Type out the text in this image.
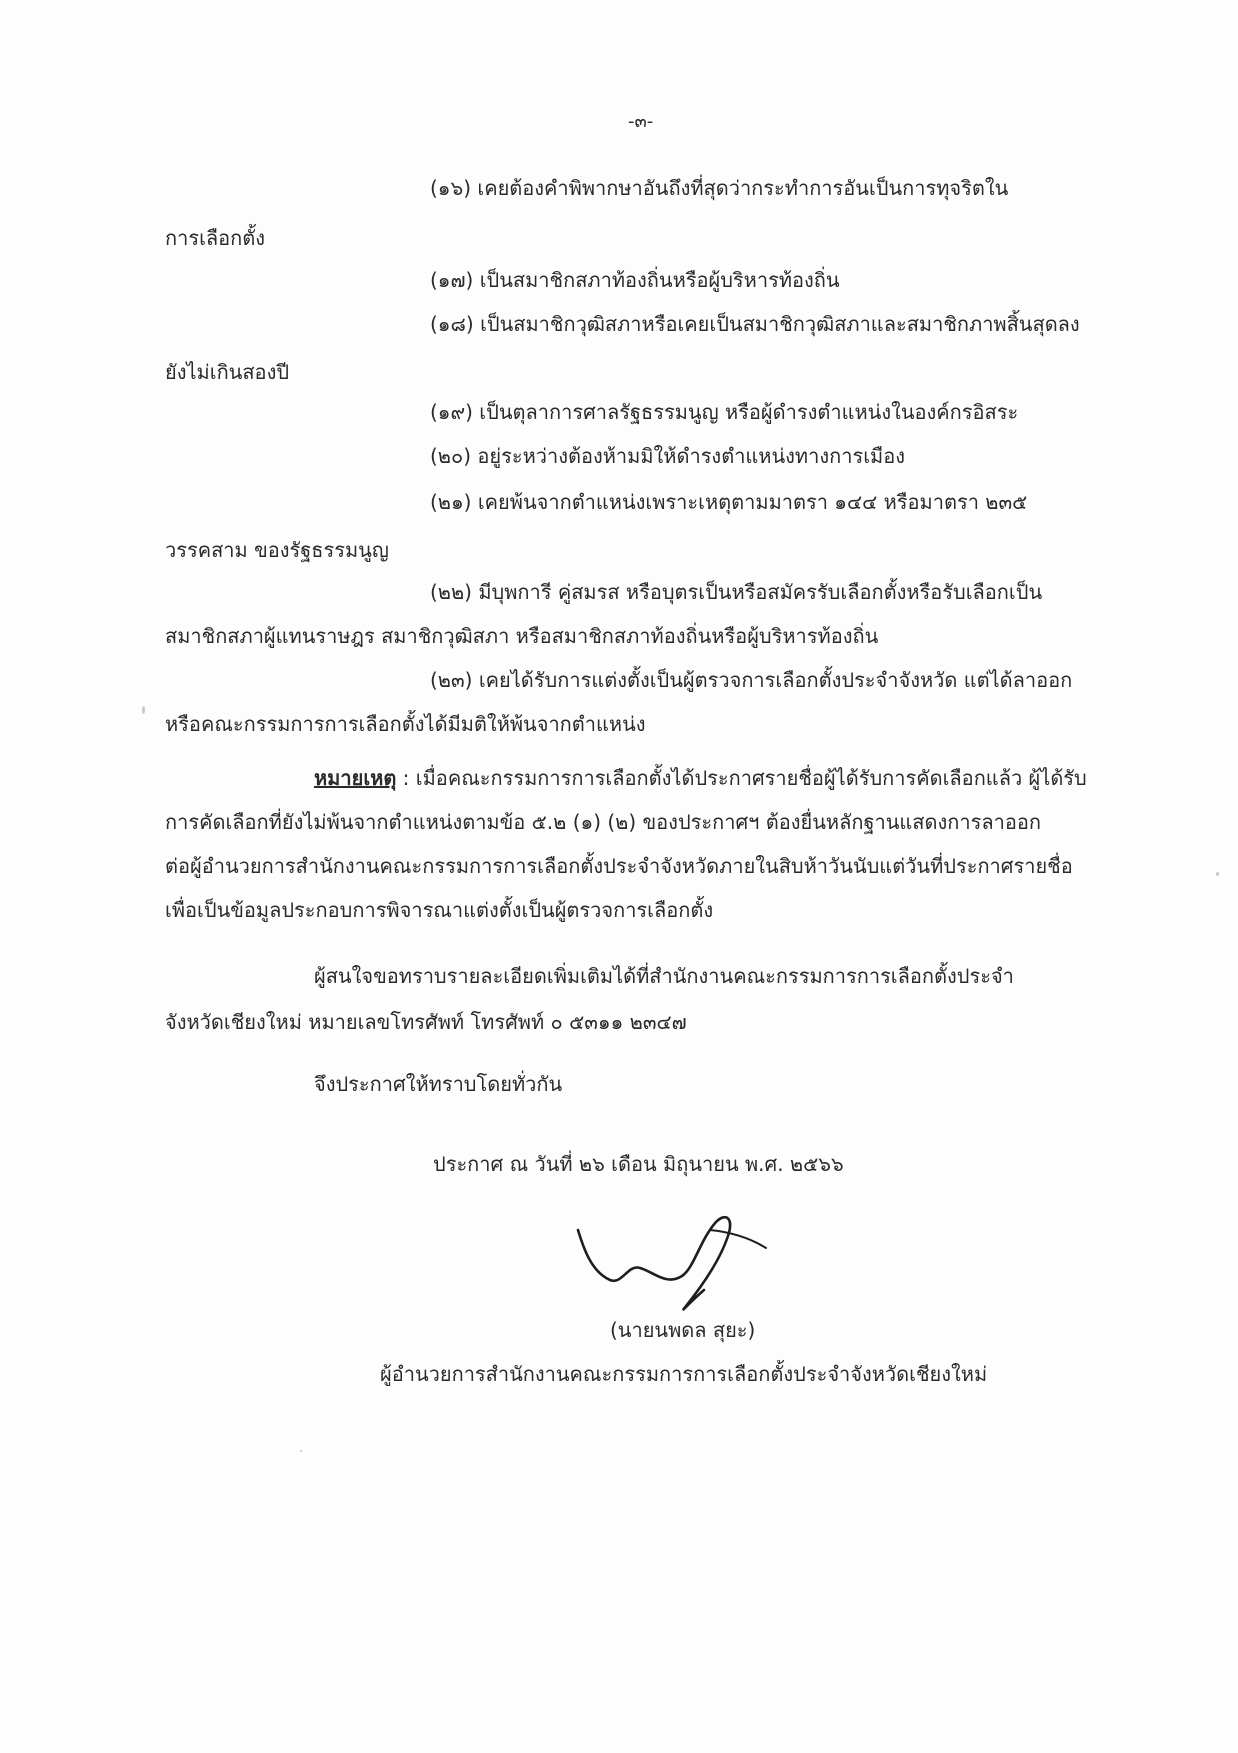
-๓-
(๑๖) เคยต้องคำพิพากษาอันถึงที่สุดว่ากระทำการอันเป็นการทุจริตใน
การเลือกตั้ง
(๑๗) เป็นสมาชิกสภาท้องถิ่นหรือผู้บริหารท้องถิ่น
(๑๘) เป็นสมาชิกวุฒิสภาหรือเคยเป็นสมาชิกวุฒิสภาและสมาชิกภาพสิ้นสุดลง
ยังไม่เกินสองปี
(๑๙) เป็นตุลาการศาลรัฐธรรมนูญ หรือผู้ดำรงตำแหน่งในองค์กรอิสระ
(๒๐) อยู่ระหว่างต้องห้ามมิให้ดำรงตำแหน่งทางการเมือง
(๒๑) เคยพ้นจากตำแหน่งเพราะเหตุตามมาตรา ๑๔๔ หรือมาตรา ๒๓๕
วรรคสาม ของรัฐธรรมนูญ
(๒๒) มีบุพการี คู่สมรส หรือบุตรเป็นหรือสมัครรับเลือกตั้งหรือรับเลือกเป็น
สมาชิกสภาผู้แทนราษฎร สมาชิกวุฒิสภา หรือสมาชิกสภาท้องถิ่นหรือผู้บริหารท้องถิ่น
(๒๓) เคยได้รับการแต่งตั้งเป็นผู้ตรวจการเลือกตั้งประจำจังหวัด แต่ได้ลาออก
หรือคณะกรรมการการเลือกตั้งได้มีมติให้พ้นจากตำแหน่ง
หมายเหตุ : เมื่อคณะกรรมการการเลือกตั้งได้ประกาศรายชื่อผู้ได้รับการคัดเลือกแล้ว ผู้ได้รับ
การคัดเลือกที่ยังไม่พ้นจากตำแหน่งตามข้อ ๕.๒ (๑) (๒) ของประกาศฯ ต้องยื่นหลักฐานแสดงการลาออก
ต่อผู้อำนวยการสำนักงานคณะกรรมการการเลือกตั้งประจำจังหวัดภายในสิบห้าวันนับแต่วันที่ประกาศรายชื่อ
เพื่อเป็นข้อมูลประกอบการพิจารณาแต่งตั้งเป็นผู้ตรวจการเลือกตั้ง
ผู้สนใจขอทราบรายละเอียดเพิ่มเติมได้ที่สำนักงานคณะกรรมการการเลือกตั้งประจำ
จังหวัดเชียงใหม่ หมายเลขโทรศัพท์ โทรศัพท์ ๐ ๕๓๑๑ ๒๓๔๗
จึงประกาศให้ทราบโดยทั่วกัน
ประกาศ ณ วันที่ ๒๖ เดือน มิถุนายน พ.ศ. ๒๕๖๖
(นายนพดล สุยะ)
ผู้อำนวยการสำนักงานคณะกรรมการการเลือกตั้งประจำจังหวัดเชียงใหม่
